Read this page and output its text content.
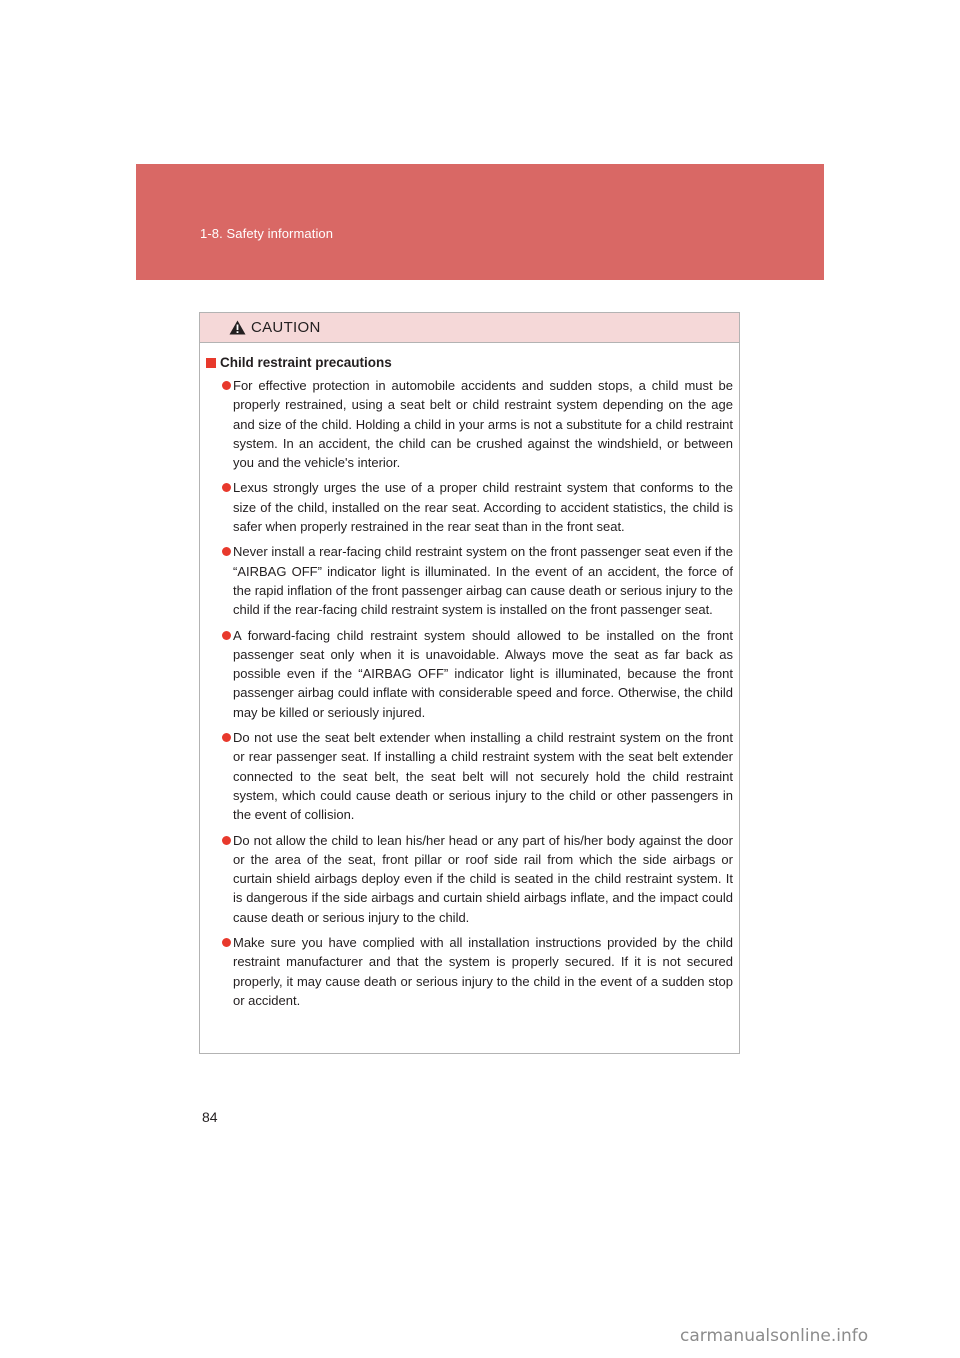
1-8. Safety information
CAUTION
Child restraint precautions
For effective protection in automobile accidents and sudden stops, a child must be properly restrained, using a seat belt or child restraint system depending on the age and size of the child. Holding a child in your arms is not a substitute for a child restraint system. In an accident, the child can be crushed against the windshield, or between you and the vehicle's interior.
Lexus strongly urges the use of a proper child restraint system that conforms to the size of the child, installed on the rear seat. According to accident statistics, the child is safer when properly restrained in the rear seat than in the front seat.
Never install a rear-facing child restraint system on the front passenger seat even if the “AIRBAG OFF” indicator light is illuminated. In the event of an accident, the force of the rapid inflation of the front passenger airbag can cause death or serious injury to the child if the rear-facing child restraint system is installed on the front passenger seat.
A forward-facing child restraint system should allowed to be installed on the front passenger seat only when it is unavoidable. Always move the seat as far back as possible even if the “AIRBAG OFF” indicator light is illuminated, because the front passenger airbag could inflate with considerable speed and force. Otherwise, the child may be killed or seriously injured.
Do not use the seat belt extender when installing a child restraint system on the front or rear passenger seat. If installing a child restraint system with the seat belt extender connected to the seat belt, the seat belt will not securely hold the child restraint system, which could cause death or serious injury to the child or other passengers in the event of collision.
Do not allow the child to lean his/her head or any part of his/her body against the door or the area of the seat, front pillar or roof side rail from which the side airbags or curtain shield airbags deploy even if the child is seated in the child restraint system. It is dangerous if the side airbags and curtain shield airbags inflate, and the impact could cause death or serious injury to the child.
Make sure you have complied with all installation instructions provided by the child restraint manufacturer and that the system is properly secured. If it is not secured properly, it may cause death or serious injury to the child in the event of a sudden stop or accident.
84
carmanualsonline.info
